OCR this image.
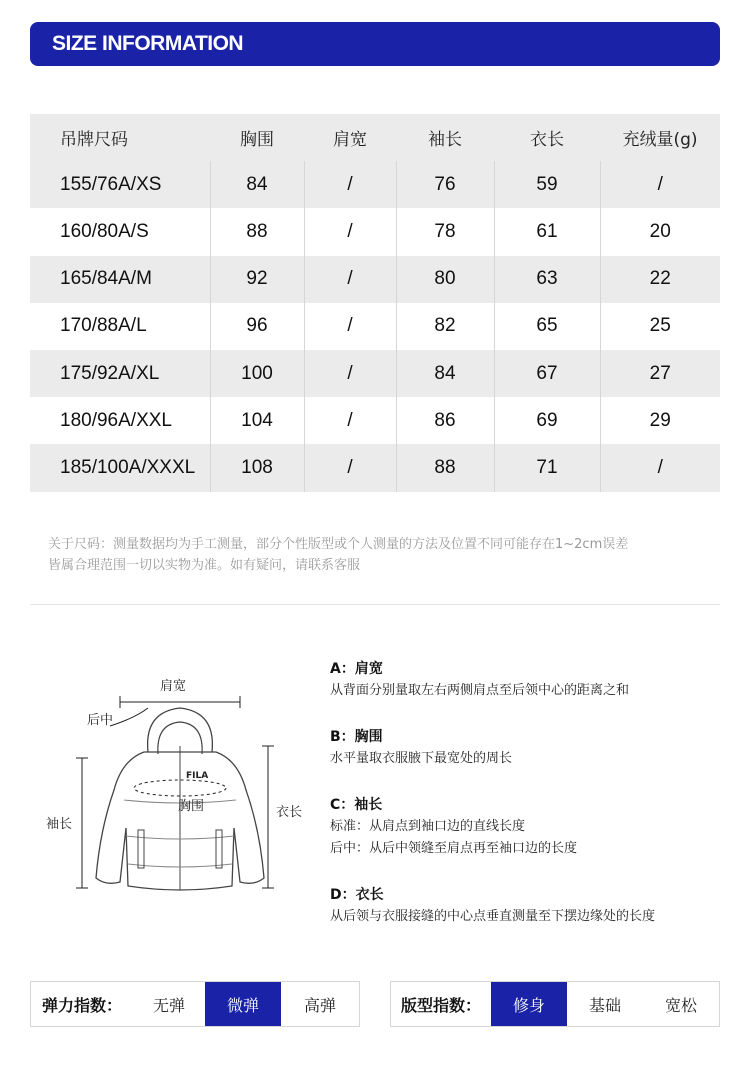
SIZE INFORMATION
吊牌尺码	胸围	肩宽	袖长	衣长	充绒量(g)
155/76A/XS	84	/	76	59	/
160/80A/S	88	/	78	61	20
165/84A/M	92	/	80	63	22
170/88A/L	96	/	82	65	25
175/92A/XL	100	/	84	67	27
180/96A/XXL	104	/	86	69	29
185/100A/XXXL	108	/	88	71	/
关于尺码：测量数据均为手工测量，部分个性版型或个人测量的方法及位置不同可能存在1~2cm误差
皆属合理范围一切以实物为准。如有疑问，请联系客服
肩宽
后中
FILA
胸围
袖长
衣长
A：肩宽
从背面分别量取左右两侧肩点至后领中心的距离之和
B：胸围
水平量取衣服腋下最宽处的周长
C：袖长
标准：从肩点到袖口边的直线长度
后中：从后中领缝至肩点再至袖口边的长度
D：衣长
从后领与衣服接缝的中心点垂直测量至下摆边缘处的长度
弹力指数：	无弹	微弹	高弹	版型指数：	修身	基础	宽松
